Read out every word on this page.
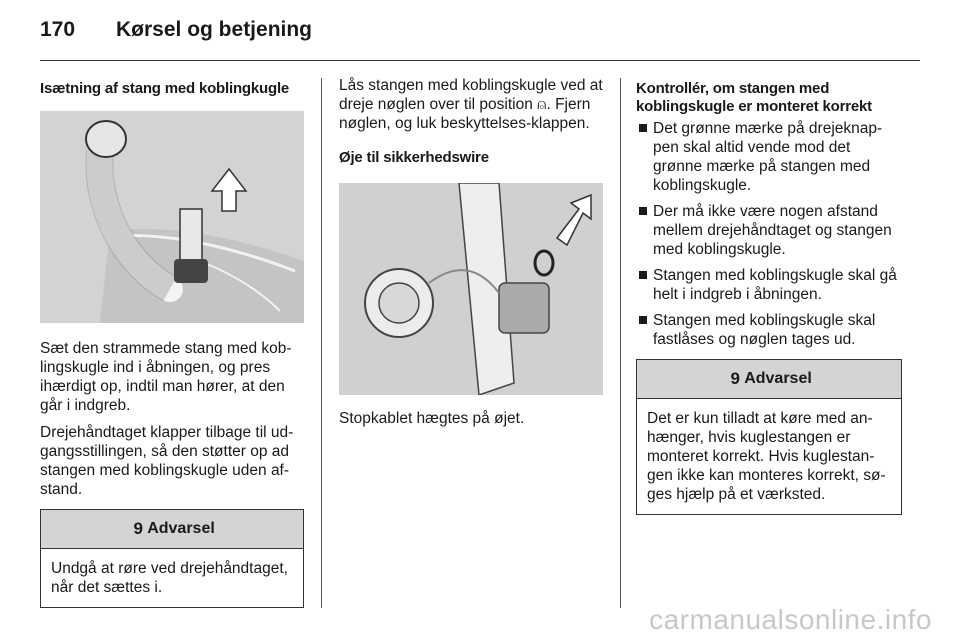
170 Kørsel og betjening
Isætning af stang med koblingkugle

Sæt den strammede stang med kob-lingskugle ind i åbningen, og pres ihærdigt op, indtil man hører, at den går i indgreb.

Drejehåndtaget klapper tilbage til ud-gangsstillingen, så den støtter op ad stangen med koblingskugle uden af-stand.

9 Advarsel
Undgå at røre ved drejehåndtaget, når det sættes i.

Lås stangen med koblingskugle ved at dreje nøglen over til position ⍝. Fjern nøglen, og luk beskyttelses-klappen.

Øje til sikkerhedswire

Stopkablet hægtes på øjet.

Kontrollér, om stangen med koblingskugle er monteret korrekt
Det grønne mærke på drejeknap-pen skal altid vende mod det grønne mærke på stangen med koblingskugle.
Der må ikke være nogen afstand mellem drejehåndtaget og stangen med koblingskugle.
Stangen med koblingskugle skal gå helt i indgreb i åbningen.
Stangen med koblingskugle skal fastlåses og nøglen tages ud.
9 Advarsel
Det er kun tilladt at køre med an-hænger, hvis kuglestangen er monteret korrekt. Hvis kuglestan-gen ikke kan monteres korrekt, sø-ges hjælp på et værksted.
carmanualsonline.info
